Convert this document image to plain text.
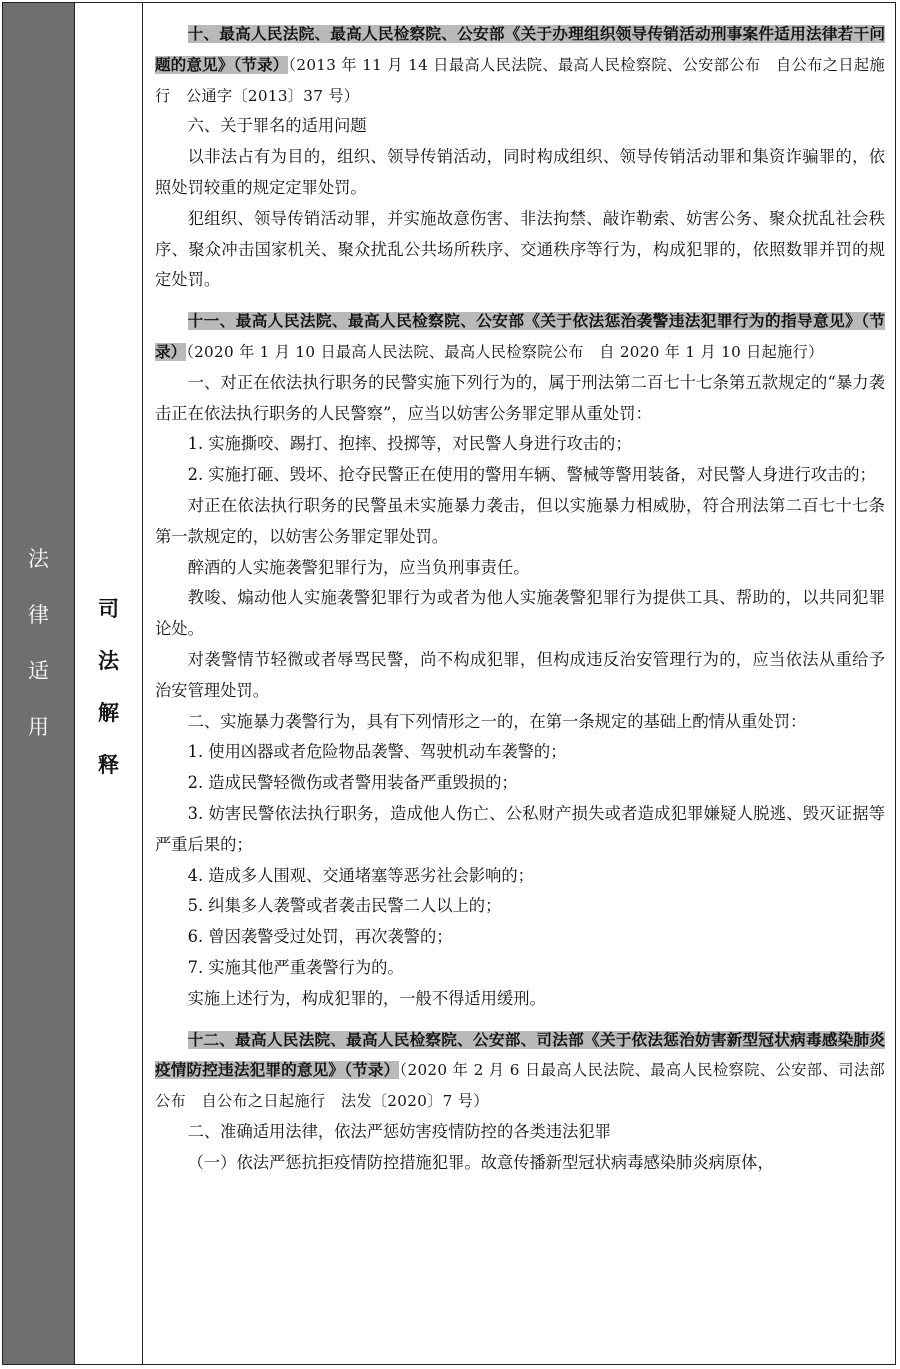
法
律
适
用
司
法
解
释

十、最高人民法院、最高人民检察院、公安部《关于办理组织领导传销活动刑事案件适用法律若干问题的意见》（节录）（2013 年 11 月 14 日最高人民法院、最高人民检察院、公安部公布　自公布之日起施行　公通字〔2013〕37 号）

六、关于罪名的适用问题

以非法占有为目的，组织、领导传销活动，同时构成组织、领导传销活动罪和集资诈骗罪的，依照处罚较重的规定定罪处罚。

犯组织、领导传销活动罪，并实施故意伤害、非法拘禁、敲诈勒索、妨害公务、聚众扰乱社会秩序、聚众冲击国家机关、聚众扰乱公共场所秩序、交通秩序等行为，构成犯罪的，依照数罪并罚的规定处罚。

十一、最高人民法院、最高人民检察院、公安部《关于依法惩治袭警违法犯罪行为的指导意见》（节录）（2020 年 1 月 10 日最高人民法院、最高人民检察院公布　自 2020 年 1 月 10 日起施行）

一、对正在依法执行职务的民警实施下列行为的，属于刑法第二百七十七条第五款规定的“暴力袭击正在依法执行职务的人民警察”，应当以妨害公务罪定罪从重处罚：

1. 实施撕咬、踢打、抱摔、投掷等，对民警人身进行攻击的；

2. 实施打砸、毁坏、抢夺民警正在使用的警用车辆、警械等警用装备，对民警人身进行攻击的；

对正在依法执行职务的民警虽未实施暴力袭击，但以实施暴力相威胁，符合刑法第二百七十七条第一款规定的，以妨害公务罪定罪处罚。

醉酒的人实施袭警犯罪行为，应当负刑事责任。

教唆、煽动他人实施袭警犯罪行为或者为他人实施袭警犯罪行为提供工具、帮助的，以共同犯罪论处。

对袭警情节轻微或者辱骂民警，尚不构成犯罪，但构成违反治安管理行为的，应当依法从重给予治安管理处罚。

二、实施暴力袭警行为，具有下列情形之一的，在第一条规定的基础上酌情从重处罚：

1. 使用凶器或者危险物品袭警、驾驶机动车袭警的；

2. 造成民警轻微伤或者警用装备严重毁损的；

3. 妨害民警依法执行职务，造成他人伤亡、公私财产损失或者造成犯罪嫌疑人脱逃、毁灭证据等严重后果的；

4. 造成多人围观、交通堵塞等恶劣社会影响的；

5. 纠集多人袭警或者袭击民警二人以上的；

6. 曾因袭警受过处罚，再次袭警的；

7. 实施其他严重袭警行为的。

实施上述行为，构成犯罪的，一般不得适用缓刑。

十二、最高人民法院、最高人民检察院、公安部、司法部《关于依法惩治妨害新型冠状病毒感染肺炎疫情防控违法犯罪的意见》（节录）（2020 年 2 月 6 日最高人民法院、最高人民检察院、公安部、司法部公布　自公布之日起施行　法发〔2020〕7 号）

二、准确适用法律，依法严惩妨害疫情防控的各类违法犯罪

（一）依法严惩抗拒疫情防控措施犯罪。故意传播新型冠状病毒感染肺炎病原体，
